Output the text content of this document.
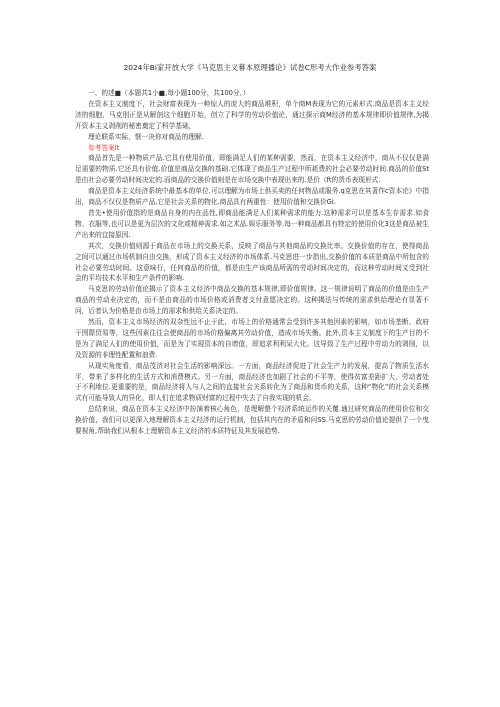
2024年Bi家开放大学《马克思主义幕本原理播论》试卷C形考大作业参考答案

一、的述■（本题共1小■,每小题100分，共100分、）

在资本主义制度下，社会财富表现为一种惊人的庞大的商品堆积，单个商M表现为它的元素形式.商品是资本主义经济的细胞，马克刖正是从解剖这个细胞开始，创立了科学的劳动价值论，通过探示商M经济的基本规律即价值规律,为揭开资本主义剥削的秘密奠定了科学基础，

理论联系实际，惬一决你对商品的理解.

参考答案It

商品首先是一种物质产品.它具有使用价值，即能满足人们的某种需要，然而，在资本主义经济中，商从不仅仅是满足需要的物质.它还具有价值.价值是商品交换的基础.它体现了商品生产过程中所耗费的社会必要劳动时间.商品的价值St是由社会必要劳动时间决定的.而商品的交换价值则是在市场交换中表现出来的.是价（ft的货币表现形式.

商品是资本主义经济系统中最基本的单位.可以理解为市场上供买卖的任何物品或服务.q克思在其著作c资本论》中指出，商品不仅仅是物质产品,它是社会关系的物化.商品具有两重性：使用价值和交换价Gi.

首先•使用价值指的是商品自身的内在品性,即商品能满足人们某种需求的能力.这种需求可以是基本生存需求.如食物、衣服等,也可以是更为层次的文化或精神需求.如之术品.娱乐服务等.每一种商品都具有特定的使用价化3这是商品被生产出来的宜接原因.

其次，交换价值则源于商品在市场上的交换关系，反映了商品与其他商品的交换比率。交换价值的存在，使得商品之间可以通过市场机制自由交换，形成了资本主义经济的市场体系.马克思进一步指出,交换价值的本质是商品中所包含的社会必要劳动时间。这意味行，任何商品的价值，都是由生产该商品所需的劳动时间决定的，而这种劳动时间又受到社会的平均技术水平和生产条件的影响.

马克思的劳动价值论揭示了资本主义经济中商品交换的基本规律,即价值规律。这一规律说明了商品的价值是由生产商品的劳动业决定的，而不是由商品的市场价格或消费者支付意愿决定的。这种揭法与传统的需求供给理论有显著不问，后者认为价格是由市场上的需求和供给关系决定的。

然而，资本主义市场经济的双杂性远不止于此，市场上的价格通常会受到许多其他因素的影响，如市场垄断、政府干围際贸易等，这些因素往往会使商品的市场价格偏离其劳动价值，造成市场失衡。此外,资本主义制度下的生产目的不是为了满足人们的使用价值，而是为了实现资本的自增值，即追求利利呆大化。这导致了生产过程中劳动力的剥削，以及资源的非理性配置和浪费.

从现实角度看，商品茂济对社会生活的影响深远。一方面，商品经济促进了社会生产力的发展，提高了物质生活水平，带来了多样化的生活方式和消费模式。另一方面，商品经济也加剧了社会的不平等，使得贫富差距扩大，劳动者处于不利地位.更重要的是，商品经济将人与人之间的直接社会关系转化为了商品和货币的关系，这种“物化”的社会关系模式有可能导致人的异化，即人们在追求物质财富的过程中失去了自我实现的机会。

总结来说，商品在资本主义经济中扮演着核心角色，是理解整个羟济系统运作的关覆.通过研究商品的使用价位和交换价值，我们可以更深入地理解资本主义羟济的运行机制，包括其内在的矛盾和问SS.马克思的劳动价值论提供了一个曳要视角,帮助我们从根本上理解资本主义经济的本质特征及其发展趋势.
